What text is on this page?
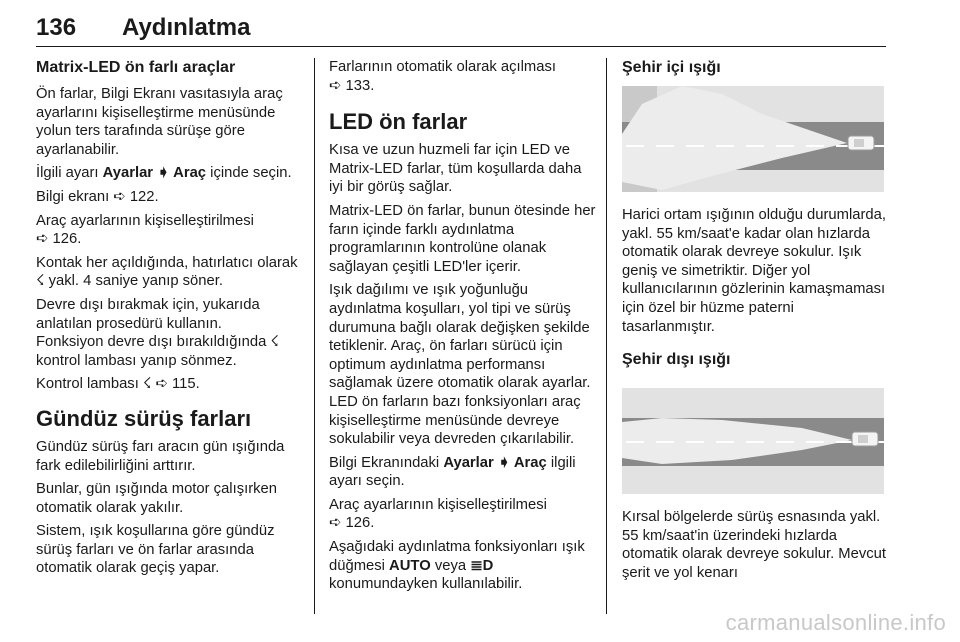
136 Aydınlatma
Matrix-LED ön farlı araçlar

Ön farlar, Bilgi Ekranı vasıtasıyla araç ayarlarını kişiselleştirme menüsünde yolun ters tarafında sürüşe göre ayarlanabilir.

İlgili ayarı Ayarlar ➧ Araç içinde seçin.

Bilgi ekranı ➪ 122.

Araç ayarlarının kişiselleştirilmesi
➪ 126.

Kontak her açıldığında, hatırlatıcı olarak ☇ yakl. 4 saniye yanıp söner.

Devre dışı bırakmak için, yukarıda anlatılan prosedürü kullanın.
Fonksiyon devre dışı bırakıldığında ☇ kontrol lambası yanıp sönmez.

Kontrol lambası ☇ ➪ 115.

Gündüz sürüş farları

Gündüz sürüş farı aracın gün ışığında fark edilebilirliğini arttırır.

Bunlar, gün ışığında motor çalışırken otomatik olarak yakılır.

Sistem, ışık koşullarına göre gündüz sürüş farları ve ön farlar arasında otomatik olarak geçiş yapar.

Farlarının otomatik olarak açılması
➪ 133.

LED ön farlar

Kısa ve uzun huzmeli far için LED ve Matrix-LED farlar, tüm koşullarda daha iyi bir görüş sağlar.

Matrix-LED ön farlar, bunun ötesinde her farın içinde farklı aydınlatma programlarının kontrolüne olanak sağlayan çeşitli LED'ler içerir.

Işık dağılımı ve ışık yoğunluğu aydınlatma koşulları, yol tipi ve sürüş durumuna bağlı olarak değişken şekilde tetiklenir. Araç, ön farları sürücü için optimum aydınlatma performansı sağlamak üzere otomatik olarak ayarlar. LED ön farların bazı fonksiyonları araç kişiselleştirme menüsünde devreye sokulabilir veya devreden çıkarılabilir.

Bilgi Ekranındaki Ayarlar ➧ Araç ilgili ayarı seçin.

Araç ayarlarının kişiselleştirilmesi
➪ 126.

Aşağıdaki aydınlatma fonksiyonları ışık düğmesi AUTO veya ≣D konumundayken kullanılabilir.

Şehir içi ışığı

Harici ortam ışığının olduğu durumlarda, yakl. 55 km/saat'e kadar olan hızlarda otomatik olarak devreye sokulur. Işık geniş ve simetriktir. Diğer yol kullanıcılarının gözlerinin kamaşmaması için özel bir hüzme paterni tasarlanmıştır.

Şehir dışı ışığı

Kırsal bölgelerde sürüş esnasında yakl. 55 km/saat'in üzerindeki hızlarda otomatik olarak devreye sokulur. Mevcut şerit ve yol kenarı

carmanualsonline.info
